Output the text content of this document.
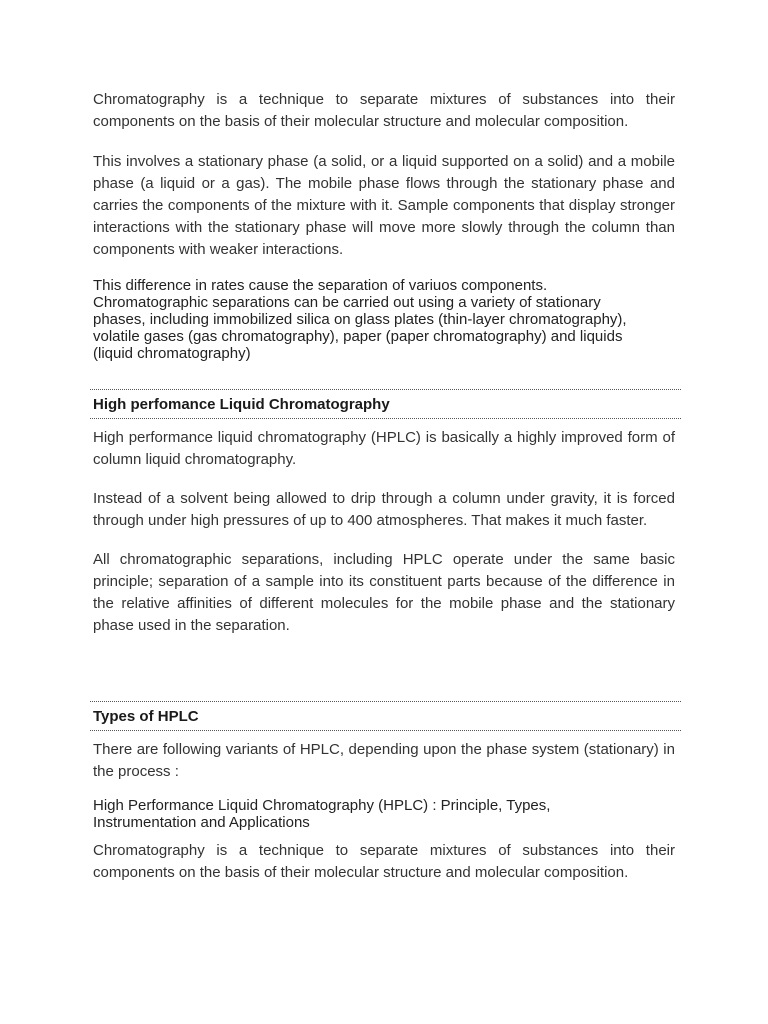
Chromatography is a technique to separate mixtures of substances into their components on the basis of their molecular structure and molecular composition.

This involves a stationary phase (a solid, or a liquid supported on a solid) and a mobile phase (a liquid or a gas). The mobile phase flows through the stationary phase and carries the components of the mixture with it. Sample components that display stronger interactions with the stationary phase will move more slowly through the column than components with weaker interactions.

This difference in rates cause the separation of variuos components.

Chromatographic separations can be carried out using a variety of stationary phases, including immobilized silica on glass plates (thin-layer chromatography), volatile gases (gas chromatography), paper (paper chromatography) and liquids (liquid chromatography)

High perfomance Liquid Chromatography

High performance liquid chromatography (HPLC) is basically a highly improved form of column liquid chromatography.

Instead of a solvent being allowed to drip through a column under gravity, it is forced through under high pressures of up to 400 atmospheres. That makes it much faster.

All chromatographic separations, including HPLC operate under the same basic principle; separation of a sample into its constituent parts because of the difference in the relative affinities of different molecules for the mobile phase and the stationary phase used in the separation.

Types of HPLC

There are following variants of HPLC, depending upon the phase system (stationary) in the process :

High Performance Liquid Chromatography (HPLC) : Principle, Types, Instrumentation and Applications

Chromatography is a technique to separate mixtures of substances into their components on the basis of their molecular structure and molecular composition.
